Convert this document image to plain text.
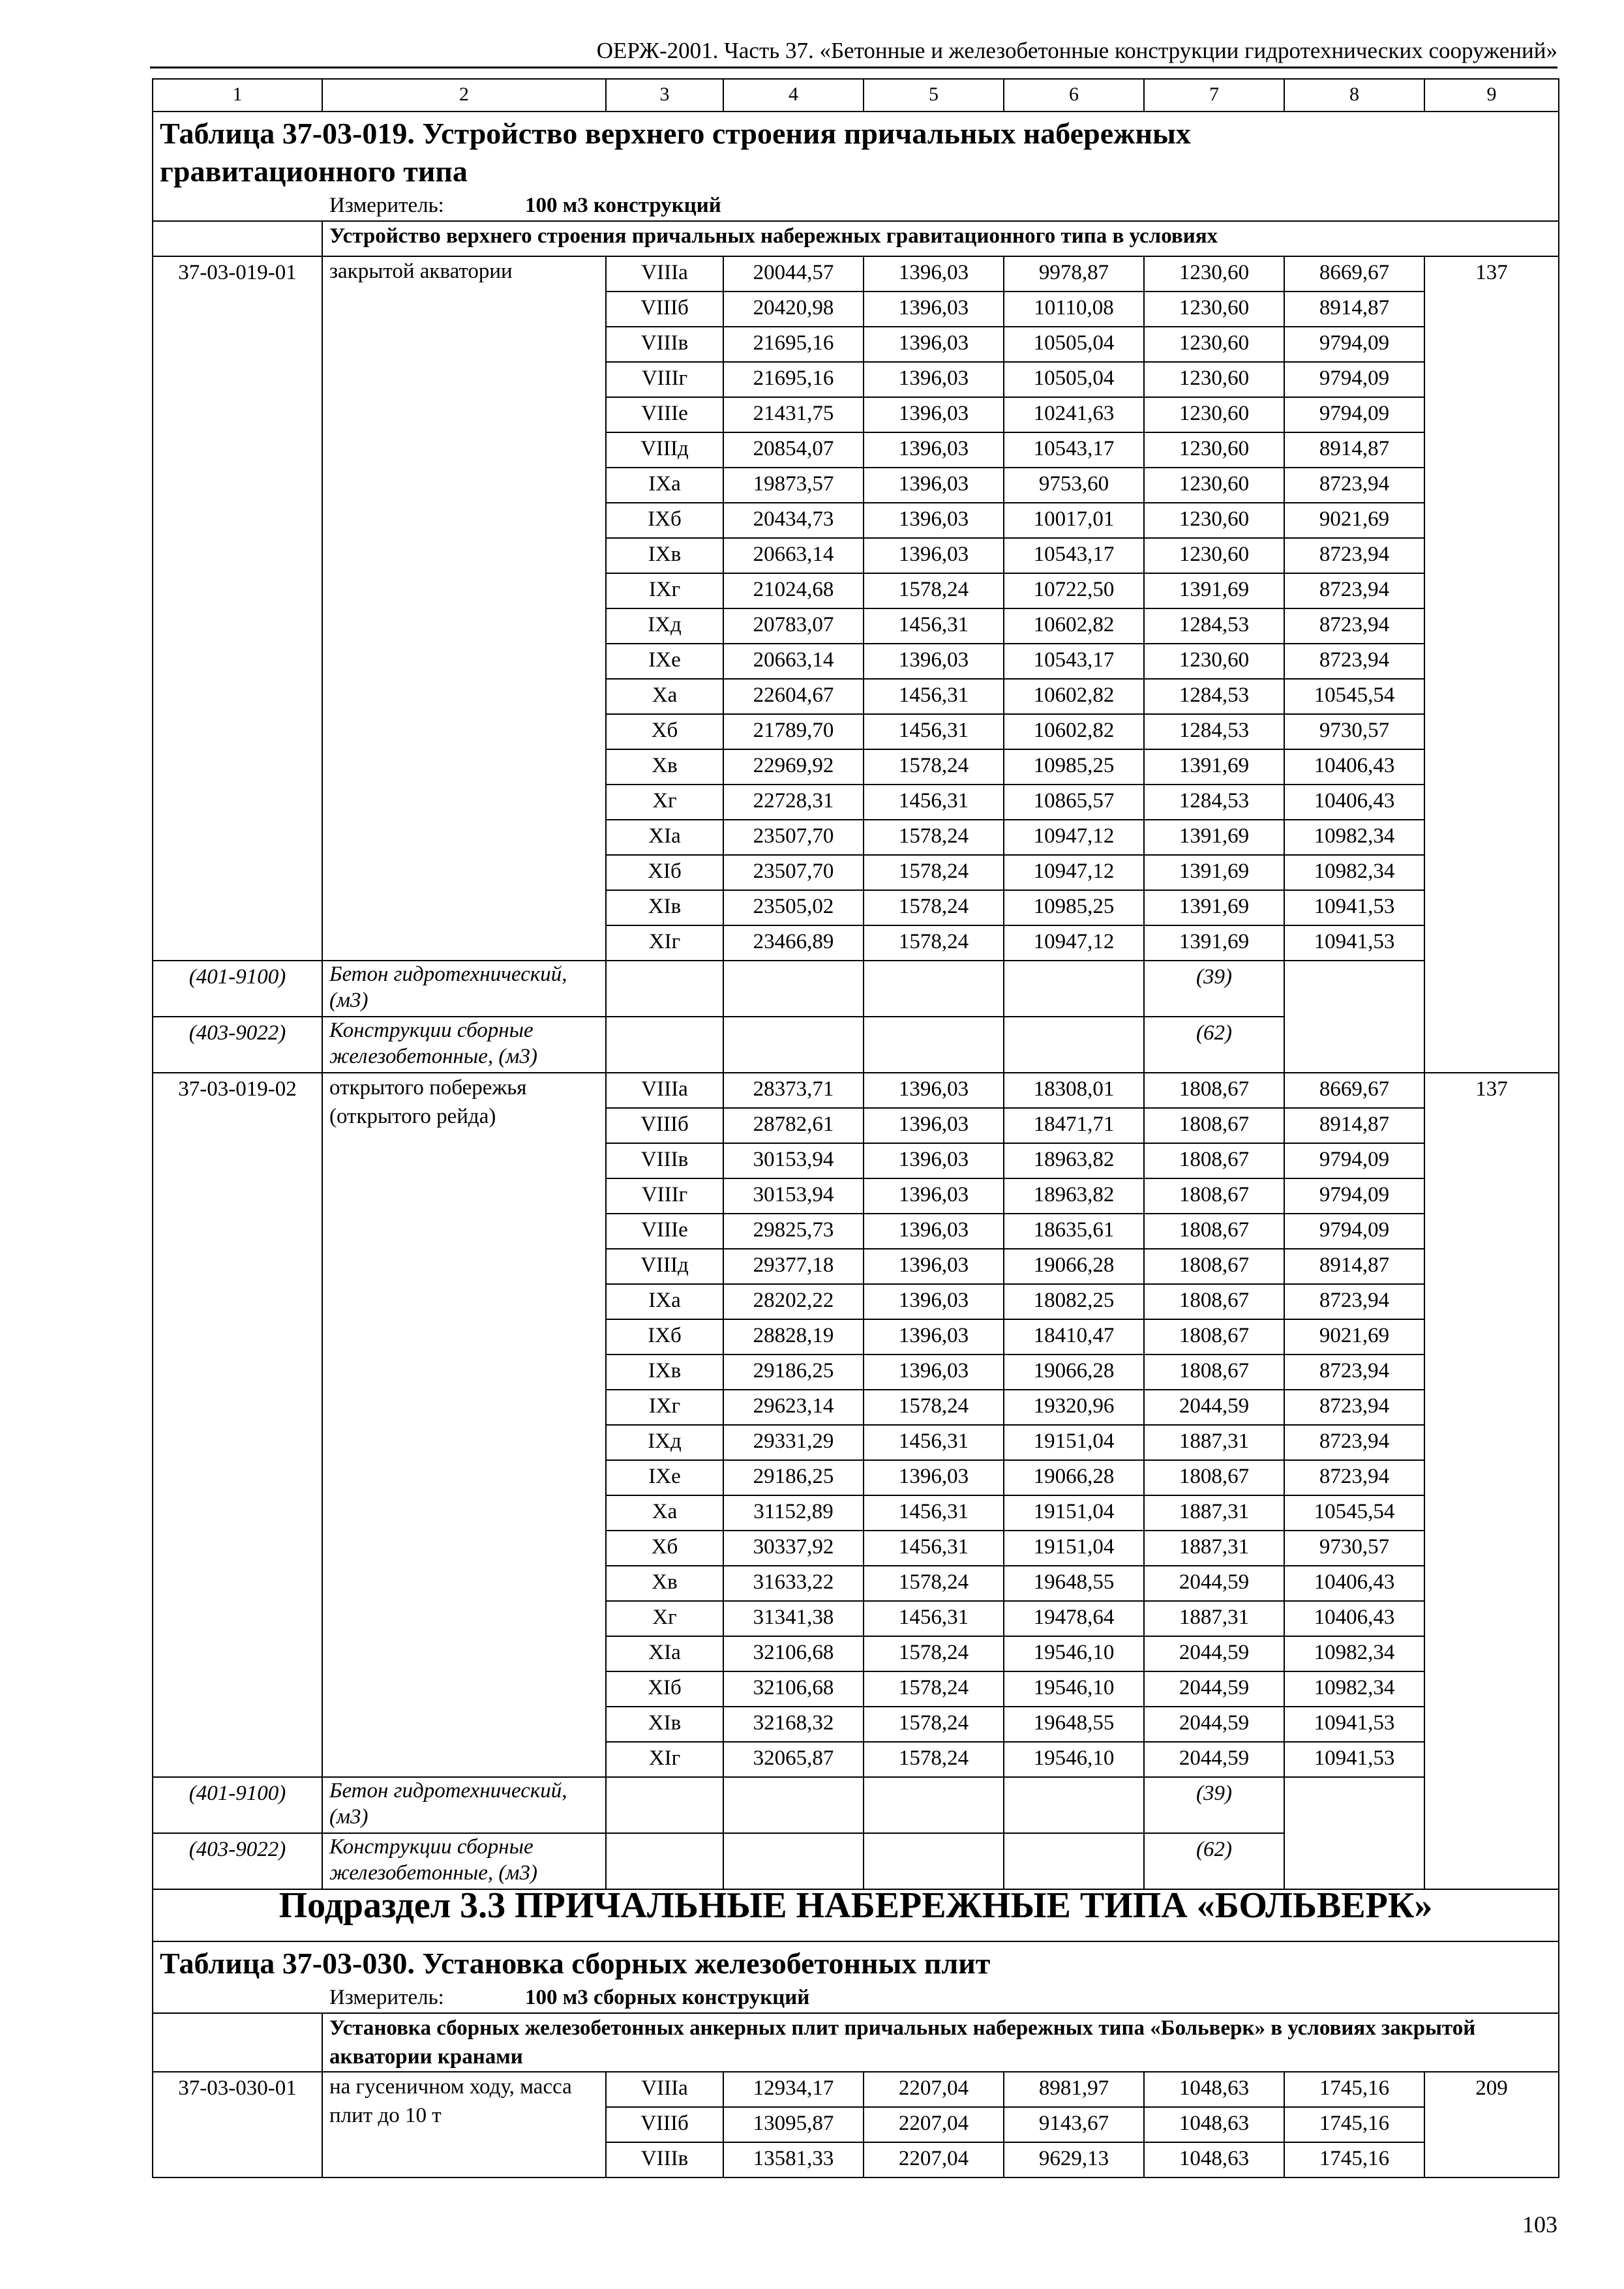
ОЕРЖ-2001. Часть 37. «Бетонные и железобетонные конструкции гидротехнических сооружений»
1	2	3	4	5	6	7	8	9

Таблица 37-03-019. Устройство верхнего строения причальных набережных
гравитационного типа
Измеритель: 100 м3 конструкций								

	Устройство верхнего строения причальных набережных гравитационного типа в условиях							
37-03-019-01	закрытой акватории	VIIIа	20044,57	1396,03	9978,87	1230,60	8669,67	137
		VIIIб	20420,98	1396,03	10110,08	1230,60	8914,87	
		VIIIв	21695,16	1396,03	10505,04	1230,60	9794,09	
		VIIIг	21695,16	1396,03	10505,04	1230,60	9794,09	
		VIIIе	21431,75	1396,03	10241,63	1230,60	9794,09	
		VIIIд	20854,07	1396,03	10543,17	1230,60	8914,87	
		IXа	19873,57	1396,03	9753,60	1230,60	8723,94	
		IXб	20434,73	1396,03	10017,01	1230,60	9021,69	
		IXв	20663,14	1396,03	10543,17	1230,60	8723,94	
		IXг	21024,68	1578,24	10722,50	1391,69	8723,94	
		IXд	20783,07	1456,31	10602,82	1284,53	8723,94	
		IXе	20663,14	1396,03	10543,17	1230,60	8723,94	
		Xа	22604,67	1456,31	10602,82	1284,53	10545,54	
		Xб	21789,70	1456,31	10602,82	1284,53	9730,57	
		Xв	22969,92	1578,24	10985,25	1391,69	10406,43	
		Xг	22728,31	1456,31	10865,57	1284,53	10406,43	
		XIа	23507,70	1578,24	10947,12	1391,69	10982,34	
		XIб	23507,70	1578,24	10947,12	1391,69	10982,34	
		XIв	23505,02	1578,24	10985,25	1391,69	10941,53	
		XIг	23466,89	1578,24	10947,12	1391,69	10941,53	
(401-9100)	Бетон гидротехнический, (м3)					(39)		
(403-9022)	Конструкции сборные железобетонные, (м3)					(62)		
37-03-019-02	открытого побережья (открытого рейда)	VIIIа	28373,71	1396,03	18308,01	1808,67	8669,67	137
		VIIIб	28782,61	1396,03	18471,71	1808,67	8914,87	
		VIIIв	30153,94	1396,03	18963,82	1808,67	9794,09	
		VIIIг	30153,94	1396,03	18963,82	1808,67	9794,09	
		VIIIе	29825,73	1396,03	18635,61	1808,67	9794,09	
		VIIIд	29377,18	1396,03	19066,28	1808,67	8914,87	
		IXа	28202,22	1396,03	18082,25	1808,67	8723,94	
		IXб	28828,19	1396,03	18410,47	1808,67	9021,69	
		IXв	29186,25	1396,03	19066,28	1808,67	8723,94	
		IXг	29623,14	1578,24	19320,96	2044,59	8723,94	
		IXд	29331,29	1456,31	19151,04	1887,31	8723,94	
		IXе	29186,25	1396,03	19066,28	1808,67	8723,94	
		Xа	31152,89	1456,31	19151,04	1887,31	10545,54	
		Xб	30337,92	1456,31	19151,04	1887,31	9730,57	
		Xв	31633,22	1578,24	19648,55	2044,59	10406,43	
		Xг	31341,38	1456,31	19478,64	1887,31	10406,43	
		XIа	32106,68	1578,24	19546,10	2044,59	10982,34	
		XIб	32106,68	1578,24	19546,10	2044,59	10982,34	
		XIв	32168,32	1578,24	19648,55	2044,59	10941,53	
		XIг	32065,87	1578,24	19546,10	2044,59	10941,53	
(401-9100)	Бетон гидротехнический, (м3)					(39)		
(403-9022)	Конструкции сборные железобетонные, (м3)					(62)		
Подраздел 3.3 ПРИЧАЛЬНЫЕ НАБЕРЕЖНЫЕ ТИПА «БОЛЬВЕРК»								

Таблица 37-03-030. Установка сборных железобетонных плит
Измеритель: 100 м3 сборных конструкций								

	Установка сборных железобетонных анкерных плит причальных набережных типа «Больверк» в условиях закрытой акватории кранами							
37-03-030-01	на гусеничном ходу, масса плит до 10 т	VIIIа	12934,17	2207,04	8981,97	1048,63	1745,16	209
		VIIIб	13095,87	2207,04	9143,67	1048,63	1745,16	
		VIIIв	13581,33	2207,04	9629,13	1048,63	1745,16	
103
